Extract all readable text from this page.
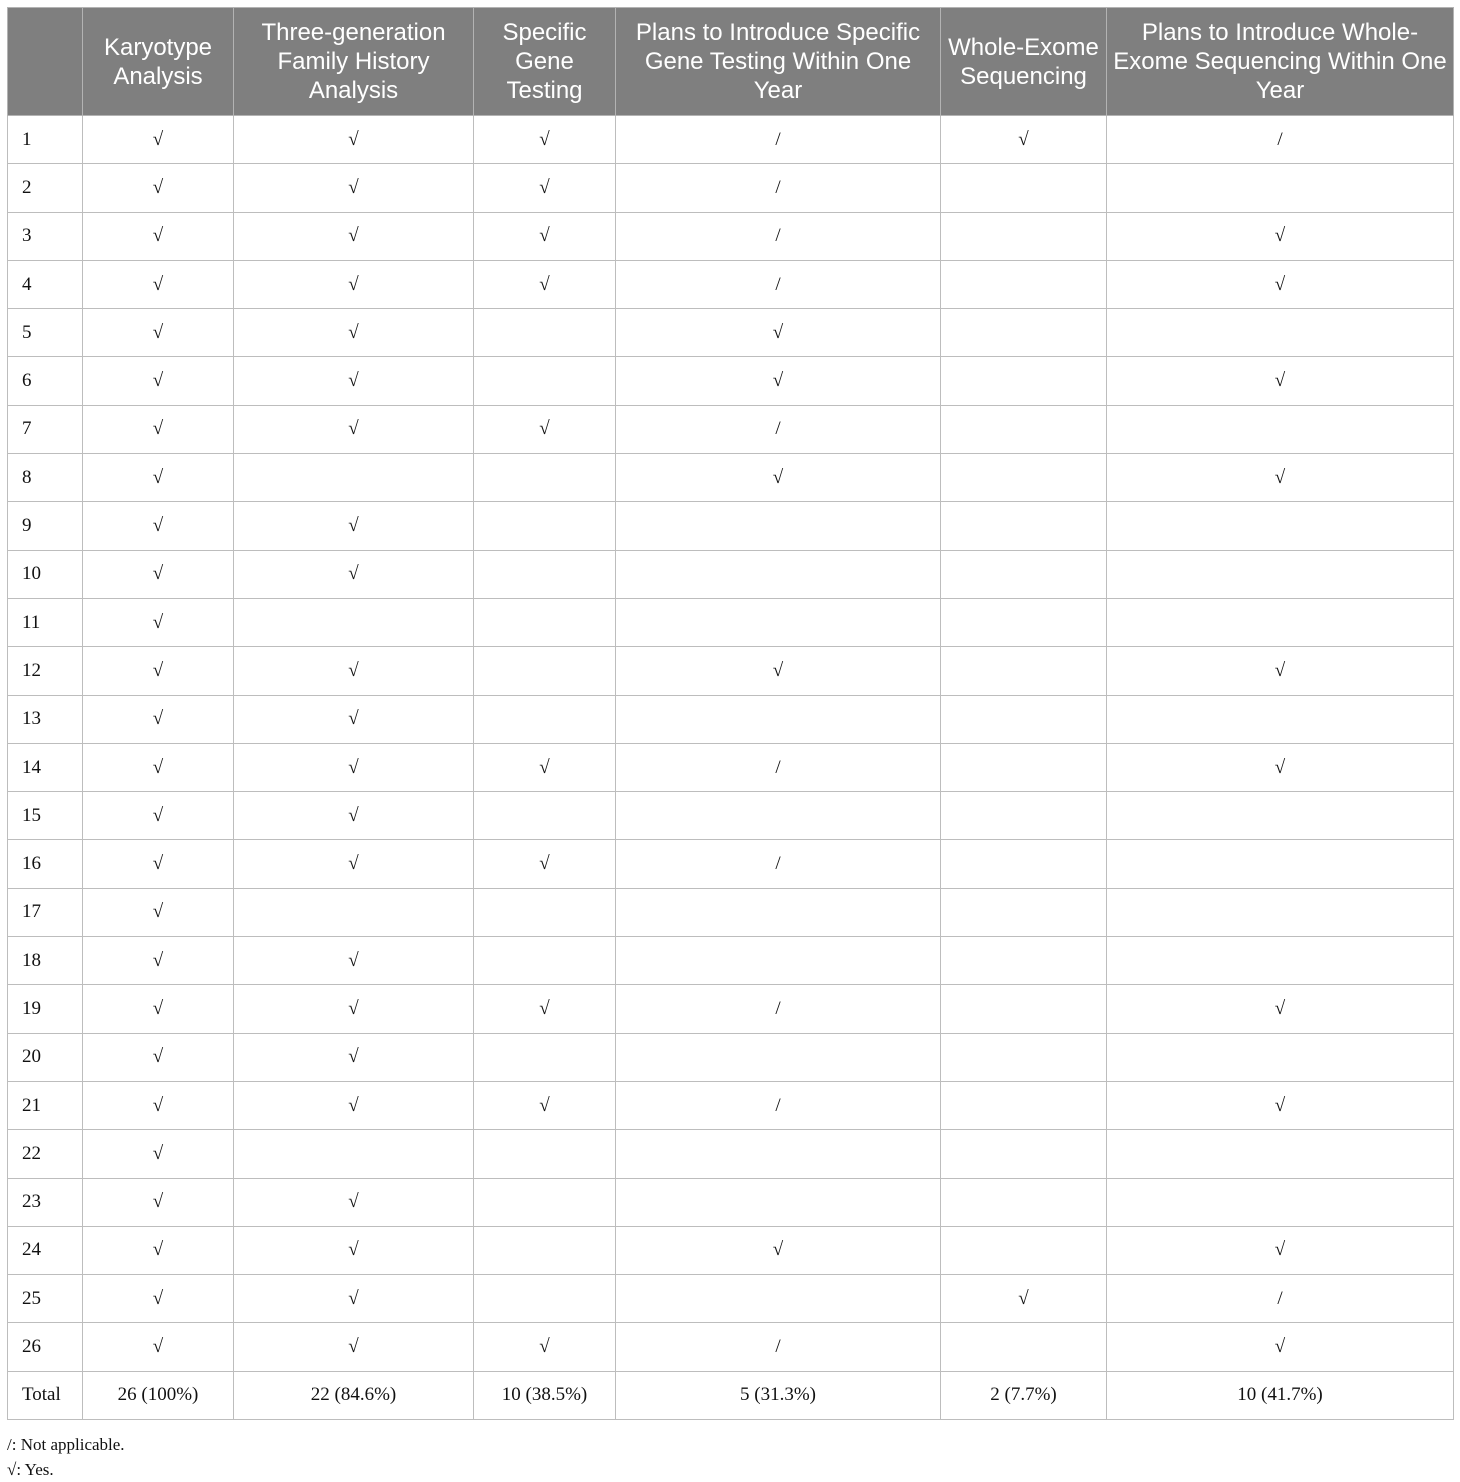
	Karyotype Analysis	Three-generation Family History Analysis	Specific Gene Testing	Plans to Introduce Specific Gene Testing Within One Year	Whole-Exome Sequencing	Plans to Introduce Whole-Exome Sequencing Within One Year
1	√	√	√	/	√	/
2	√	√	√	/		
3	√	√	√	/		√
4	√	√	√	/		√
5	√	√		√		
6	√	√		√		√
7	√	√	√	/		
8	√			√		√
9	√	√				
10	√	√				
11	√					
12	√	√		√		√
13	√	√				
14	√	√	√	/		√
15	√	√				
16	√	√	√	/		
17	√					
18	√	√				
19	√	√	√	/		√
20	√	√				
21	√	√	√	/		√
22	√					
23	√	√				
24	√	√		√		√
25	√	√			√	/
26	√	√	√	/		√
Total	26 (100%)	22 (84.6%)	10 (38.5%)	5 (31.3%)	2 (7.7%)	10 (41.7%)
/: Not applicable.
√: Yes.
